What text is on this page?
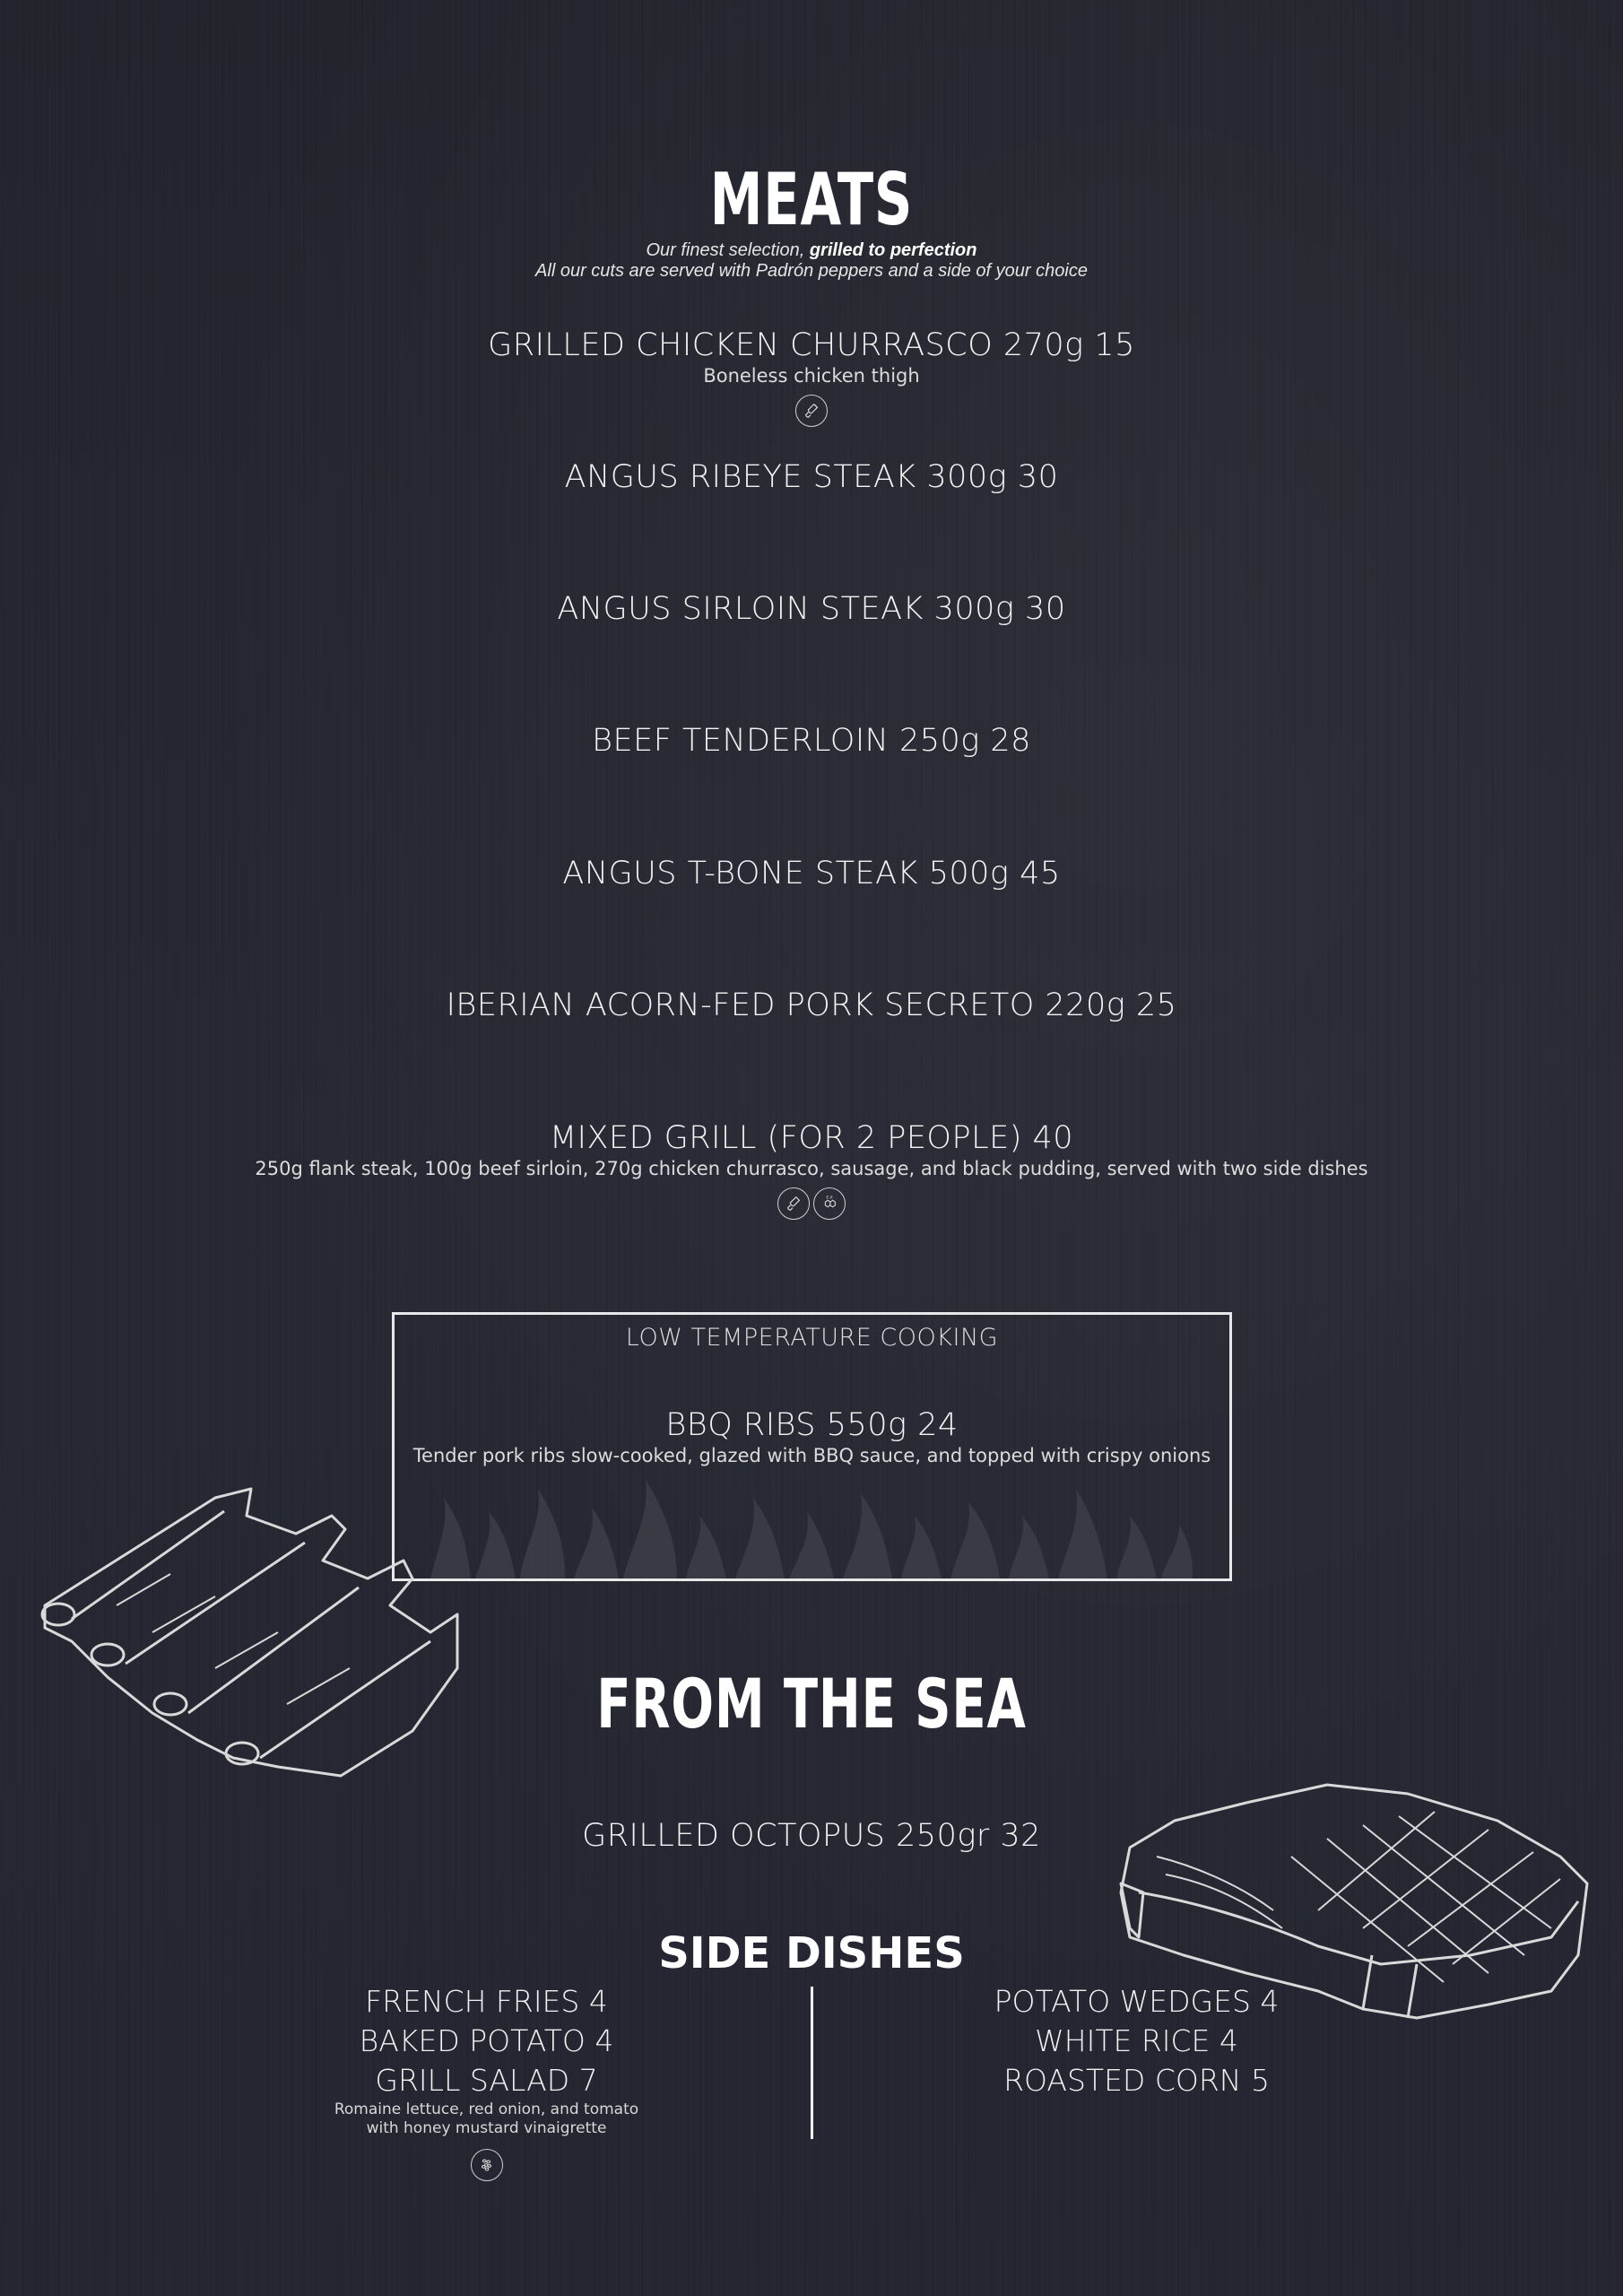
MEATS
Our finest selection, grilled to perfection
All our cuts are served with Padrón peppers and a side of your choice
GRILLED CHICKEN CHURRASCO 270g 15
Boneless chicken thigh
ANGUS RIBEYE STEAK 300g 30
ANGUS SIRLOIN STEAK 300g 30
BEEF TENDERLOIN 250g 28
ANGUS T-BONE STEAK 500g 45
IBERIAN ACORN-FED PORK SECRETO 220g 25
MIXED GRILL (FOR 2 PEOPLE) 40
250g flank steak, 100g beef sirloin, 270g chicken churrasco, sausage, and black pudding, served with two side dishes
E-X
LOW TEMPERATURE COOKING
BBQ RIBS 550g 24
Tender pork ribs slow-cooked, glazed with BBQ sauce, and topped with crispy onions
FROM THE SEA
GRILLED OCTOPUS 250gr 32
SIDE DISHES
FRENCH FRIES 4
BAKED POTATO 4
GRILL SALAD 7
Romaine lettuce, red onion, and tomato
with honey mustard vinaigrette
POTATO WEDGES 4
WHITE RICE 4
ROASTED CORN 5
